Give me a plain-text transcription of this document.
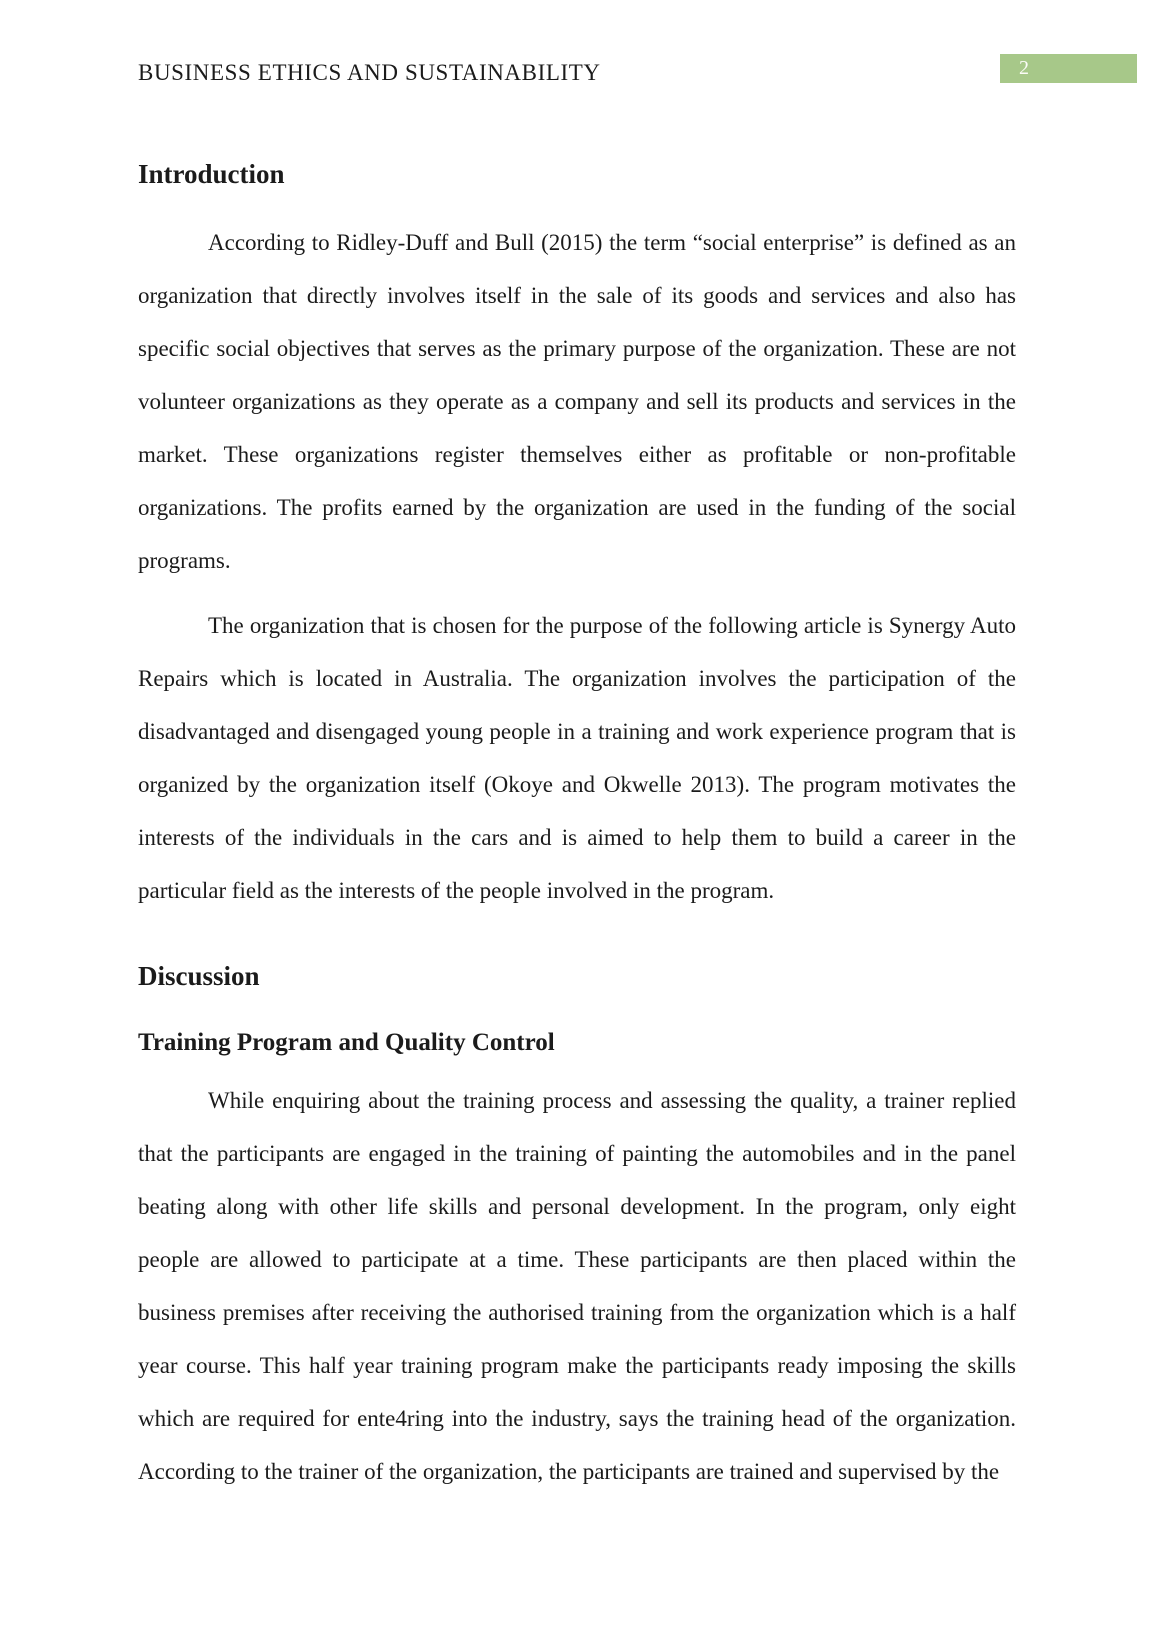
BUSINESS ETHICS AND SUSTAINABILITY	2
Introduction

According to Ridley-Duff and Bull (2015) the term “social enterprise” is defined as an organization that directly involves itself in the sale of its goods and services and also has specific social objectives that serves as the primary purpose of the organization. These are not volunteer organizations as they operate as a company and sell its products and services in the market. These organizations register themselves either as profitable or non-profitable organizations. The profits earned by the organization are used in the funding of the social programs.

The organization that is chosen for the purpose of the following article is Synergy Auto Repairs which is located in Australia. The organization involves the participation of the disadvantaged and disengaged young people in a training and work experience program that is organized by the organization itself (Okoye and Okwelle 2013). The program motivates the interests of the individuals in the cars and is aimed to help them to build a career in the particular field as the interests of the people involved in the program.

Discussion
Training Program and Quality Control

While enquiring about the training process and assessing the quality, a trainer replied that the participants are engaged in the training of painting the automobiles and in the panel beating along with other life skills and personal development. In the program, only eight people are allowed to participate at a time. These participants are then placed within the business premises after receiving the authorised training from the organization which is a half year course. This half year training program make the participants ready imposing the skills which are required for ente4ring into the industry, says the training head of the organization. According to the trainer of the organization, the participants are trained and supervised by the
